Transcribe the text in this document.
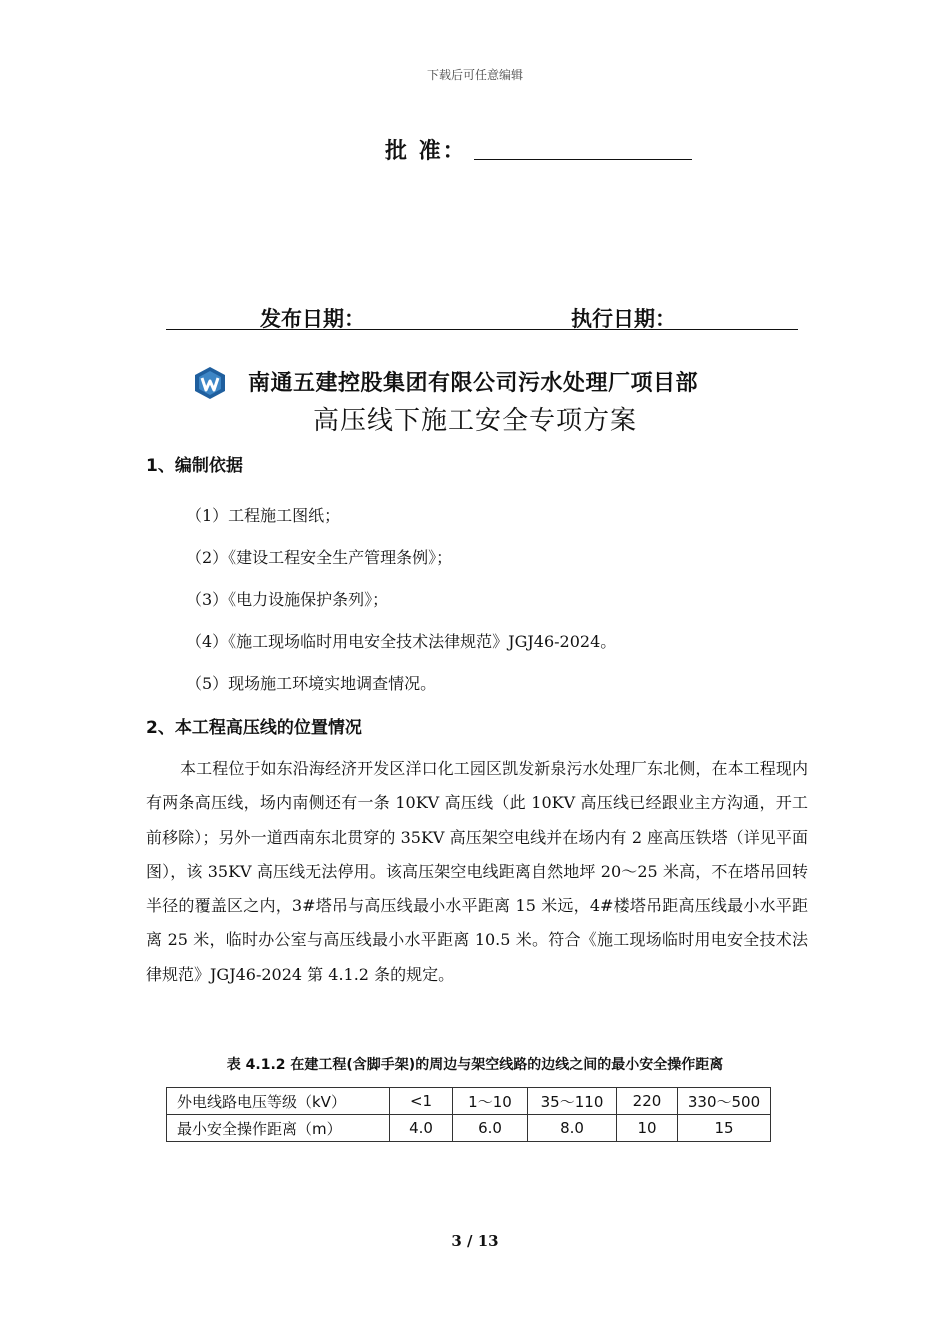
下载后可任意编辑
批 准：
发布日期：	执行日期：
南通五建控股集团有限公司污水处理厂项目部
高压线下施工安全专项方案
1、编制依据
（1）工程施工图纸；
（2）《建设工程安全生产管理条例》；
（3）《电力设施保护条列》；
（4）《施工现场临时用电安全技术法律规范》JGJ46-2024。
（5）现场施工环境实地调查情况。
2、本工程高压线的位置情况
本工程位于如东沿海经济开发区洋口化工园区凯发新泉污水处理厂东北侧，在本工程现内有两条高压线，场内南侧还有一条 10KV 高压线（此 10KV 高压线已经跟业主方沟通，开工前移除）；另外一道西南东北贯穿的 35KV 高压架空电线并在场内有 2 座高压铁塔（详见平面图），该 35KV 高压线无法停用。该高压架空电线距离自然地坪 20～25 米高，不在塔吊回转半径的覆盖区之内，3#塔吊与高压线最小水平距离 15 米远，4#楼塔吊距高压线最小水平距离 25 米，临时办公室与高压线最小水平距离 10.5 米。符合《施工现场临时用电安全技术法律规范》JGJ46-2024 第 4.1.2 条的规定。
表 4.1.2 在建工程(含脚手架)的周边与架空线路的边线之间的最小安全操作距离
外电线路电压等级（kV）	<1	1～10	35～110	220	330～500
最小安全操作距离（m）	4.0	6.0	8.0	10	15
3 / 13
